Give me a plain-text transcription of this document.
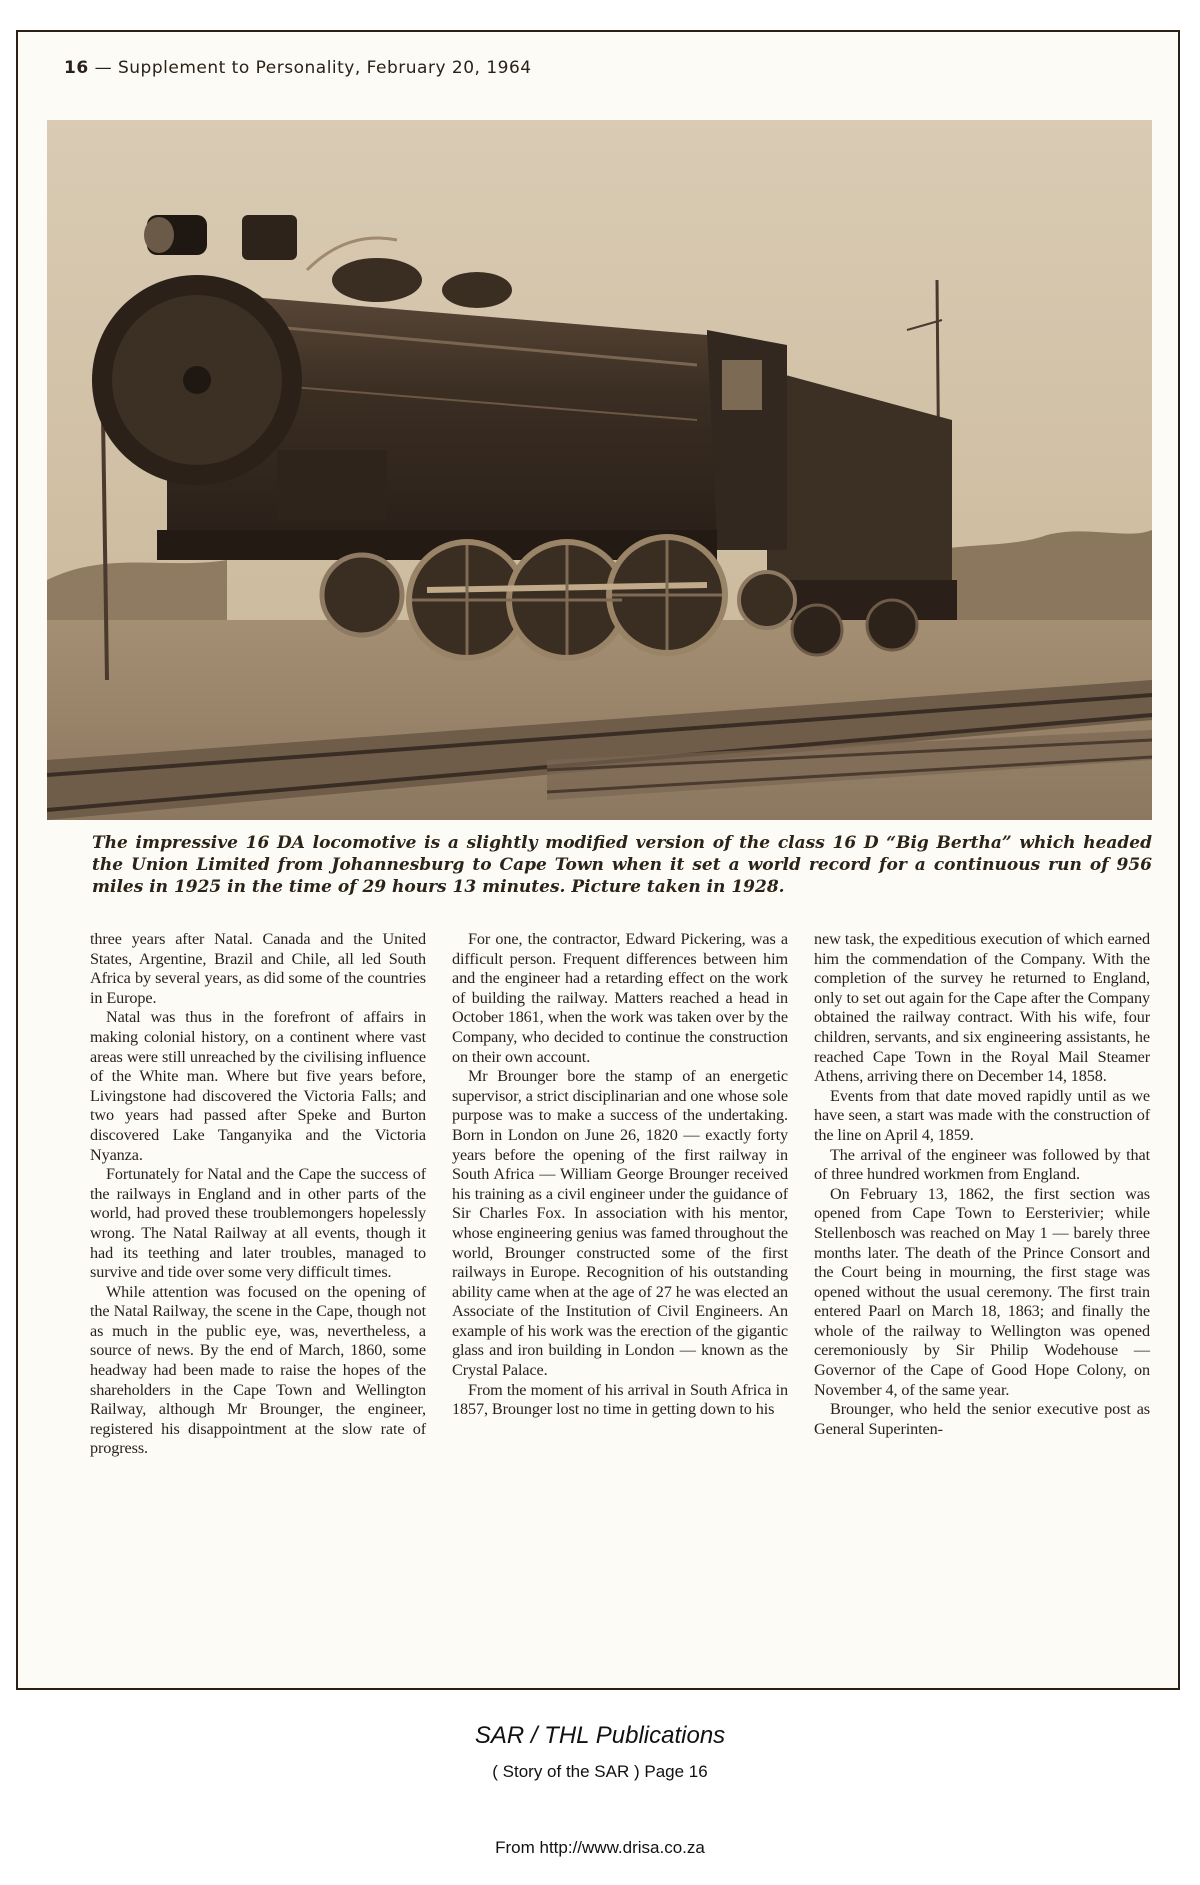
16 — Supplement to Personality, February 20, 1964
The impressive 16 DA locomotive is a slightly modified version of the class 16 D “Big Bertha” which headed the Union Limited from Johannesburg to Cape Town when it set a world record for a continuous run of 956 miles in 1925 in the time of 29 hours 13 minutes. Picture taken in 1928.

three years after Natal. Canada and the United States, Argentine, Brazil and Chile, all led South Africa by several years, as did some of the countries in Europe.

Natal was thus in the forefront of affairs in making colonial history, on a continent where vast areas were still unreached by the civilising influence of the White man. Where but five years before, Livingstone had discovered the Victoria Falls; and two years had passed after Speke and Burton discovered Lake Tanganyika and the Victoria Nyanza.

Fortunately for Natal and the Cape the success of the railways in England and in other parts of the world, had proved these troublemongers hopelessly wrong. The Natal Railway at all events, though it had its teething and later troubles, managed to survive and tide over some very difficult times.

While attention was focused on the opening of the Natal Railway, the scene in the Cape, though not as much in the public eye, was, nevertheless, a source of news. By the end of March, 1860, some headway had been made to raise the hopes of the shareholders in the Cape Town and Wellington Railway, although Mr Brounger, the engineer, registered his disappointment at the slow rate of progress.

For one, the contractor, Edward Pickering, was a difficult person. Frequent differences between him and the engineer had a retarding effect on the work of building the railway. Matters reached a head in October 1861, when the work was taken over by the Company, who decided to continue the construction on their own account.

Mr Brounger bore the stamp of an energetic supervisor, a strict disciplinarian and one whose sole purpose was to make a success of the undertaking. Born in London on June 26, 1820 — exactly forty years before the opening of the first railway in South Africa — William George Brounger received his training as a civil engineer under the guidance of Sir Charles Fox. In association with his mentor, whose engineering genius was famed throughout the world, Brounger constructed some of the first railways in Europe. Recognition of his outstanding ability came when at the age of 27 he was elected an Associate of the Institution of Civil Engineers. An example of his work was the erection of the gigantic glass and iron building in London — known as the Crystal Palace.

From the moment of his arrival in South Africa in 1857, Brounger lost no time in getting down to his

new task, the expeditious execution of which earned him the commendation of the Company. With the completion of the survey he returned to England, only to set out again for the Cape after the Company obtained the railway contract. With his wife, four children, servants, and six engineering assistants, he reached Cape Town in the Royal Mail Steamer Athens, arriving there on December 14, 1858.

Events from that date moved rapidly until as we have seen, a start was made with the construction of the line on April 4, 1859.

The arrival of the engineer was followed by that of three hundred workmen from England.

On February 13, 1862, the first section was opened from Cape Town to Eersterivier; while Stellenbosch was reached on May 1 — barely three months later. The death of the Prince Consort and the Court being in mourning, the first stage was opened without the usual ceremony. The first train entered Paarl on March 18, 1863; and finally the whole of the railway to Wellington was opened ceremoniously by Sir Philip Wodehouse — Governor of the Cape of Good Hope Colony, on November 4, of the same year.

Brounger, who held the senior executive post as General Superinten-

SAR / THL Publications
( Story of the SAR ) Page 16
From http://www.drisa.co.za
